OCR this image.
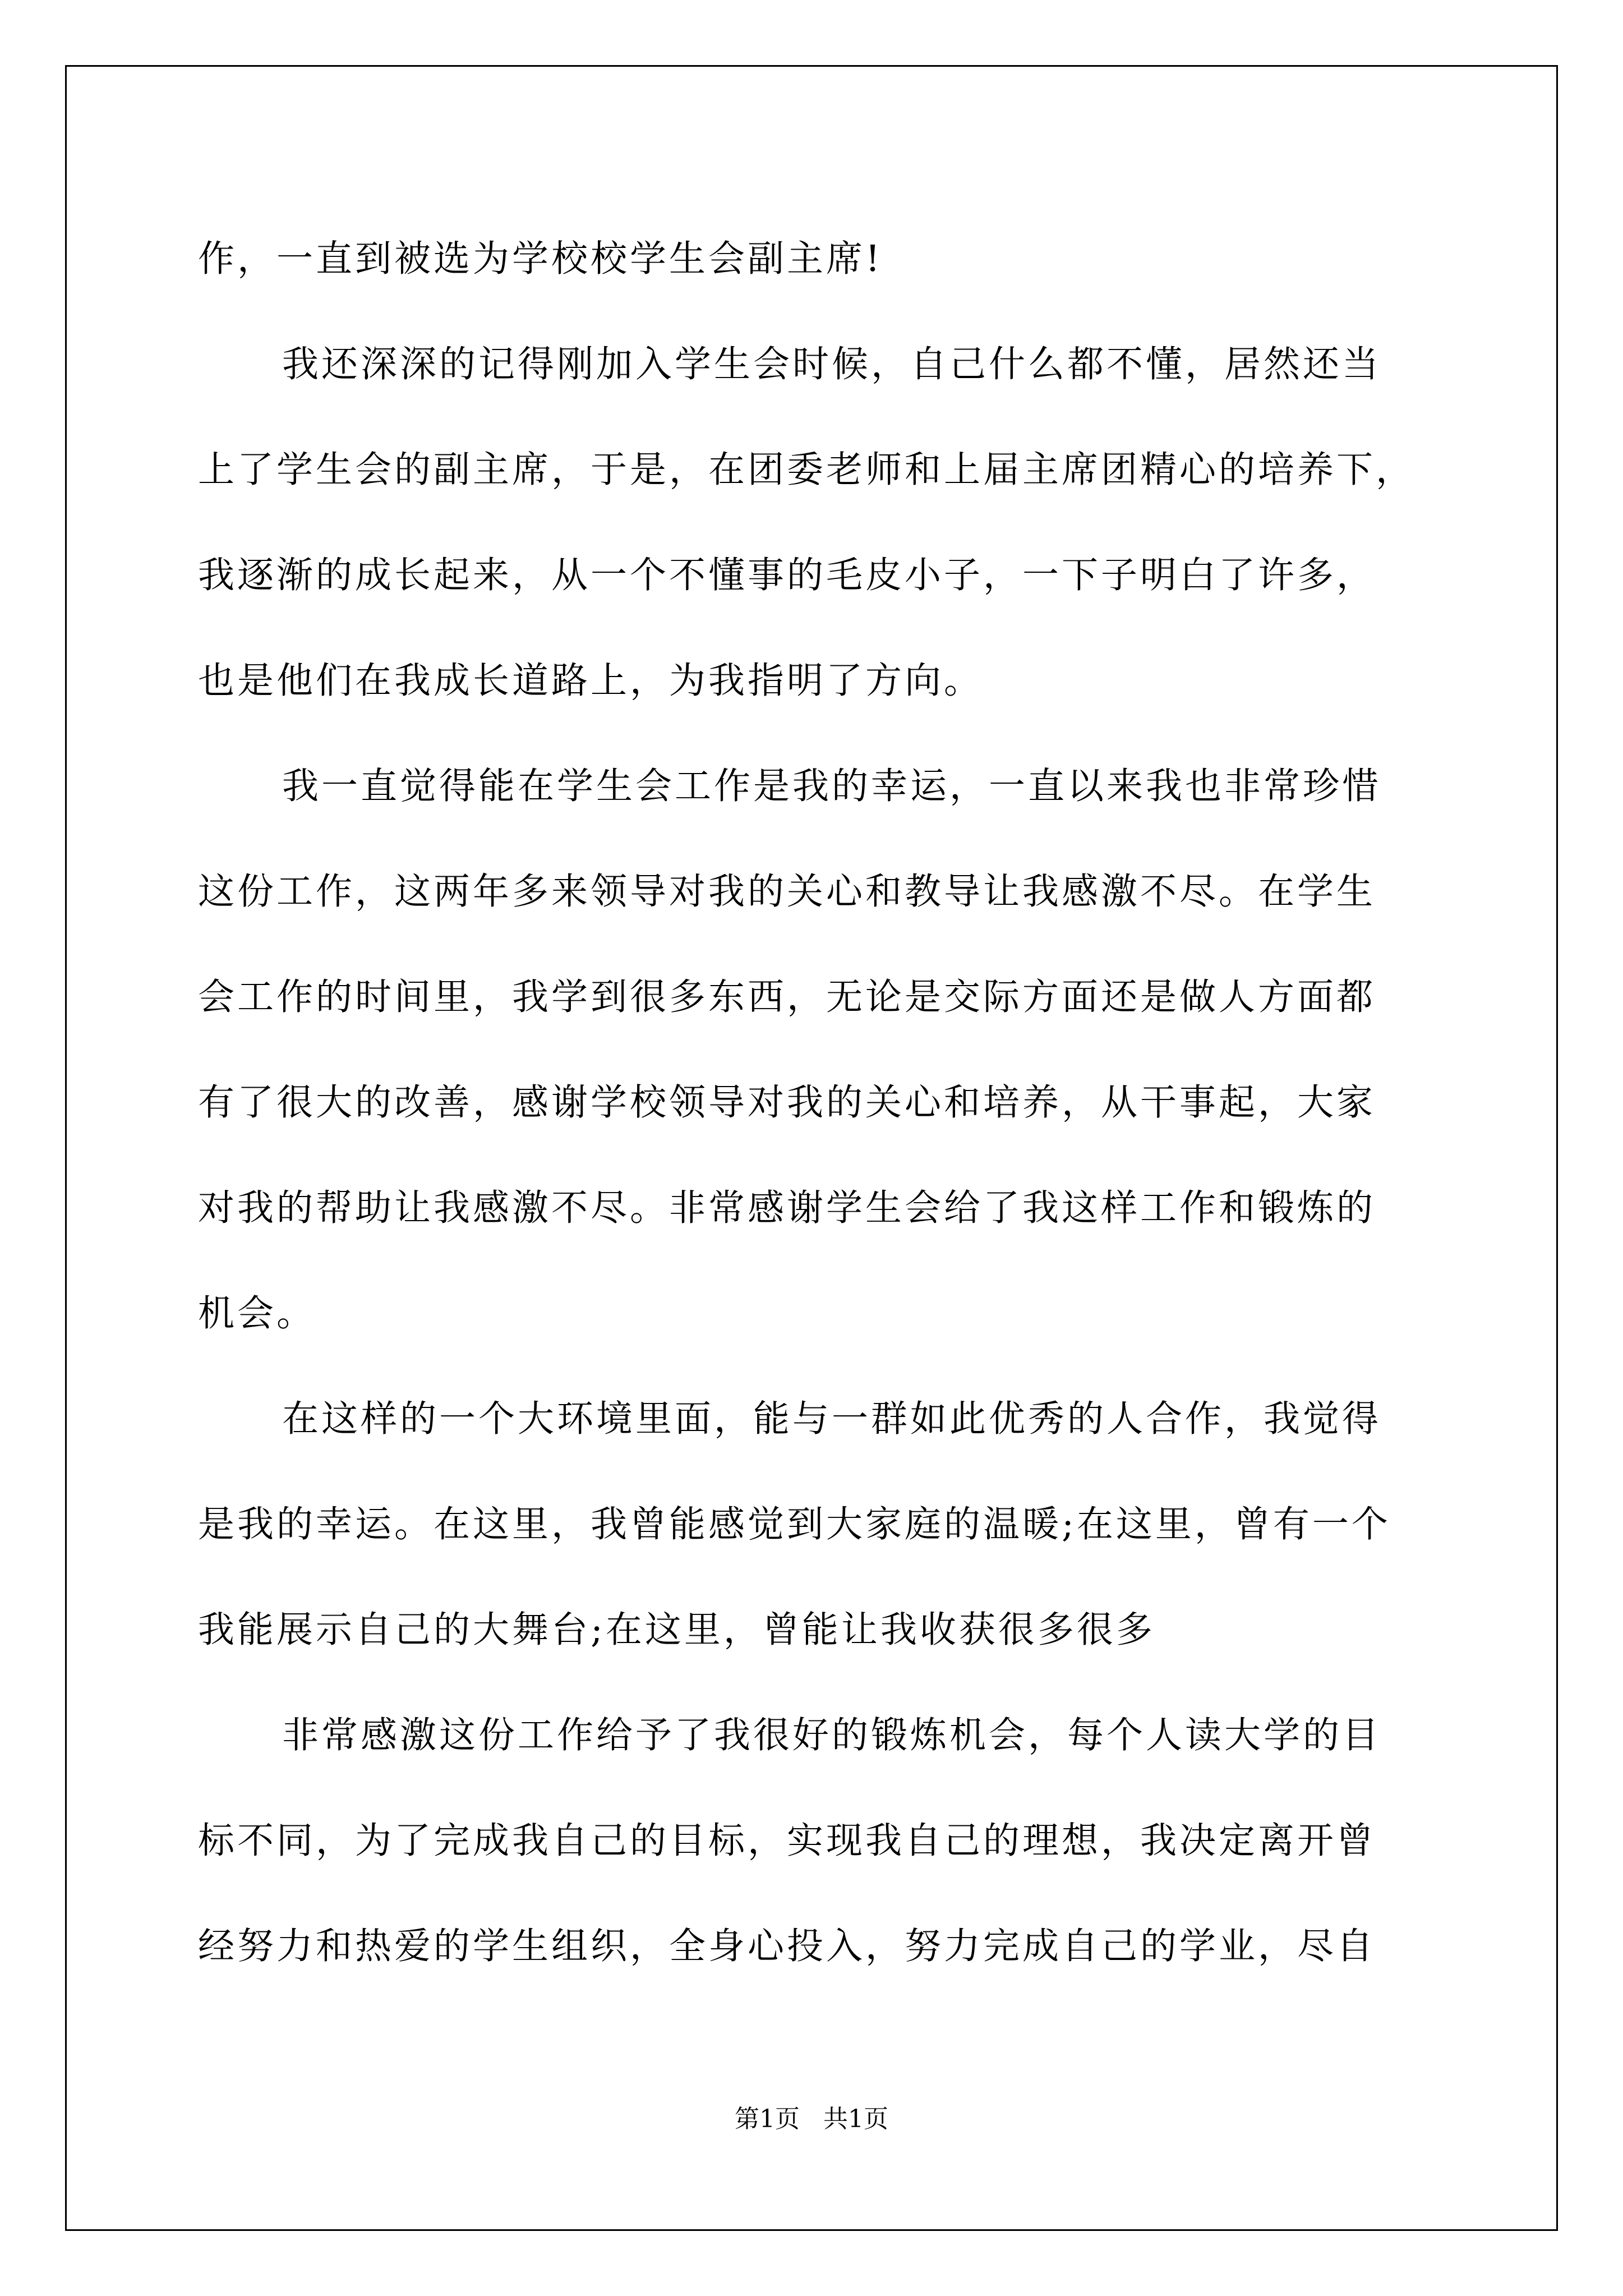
作，一直到被选为学校校学生会副主席!
我还深深的记得刚加入学生会时候，自己什么都不懂，居然还当
上了学生会的副主席，于是，在团委老师和上届主席团精心的培养下，
我逐渐的成长起来，从一个不懂事的毛皮小子，一下子明白了许多，
也是他们在我成长道路上，为我指明了方向。
我一直觉得能在学生会工作是我的幸运，一直以来我也非常珍惜
这份工作，这两年多来领导对我的关心和教导让我感激不尽。在学生
会工作的时间里，我学到很多东西，无论是交际方面还是做人方面都
有了很大的改善，感谢学校领导对我的关心和培养，从干事起，大家
对我的帮助让我感激不尽。非常感谢学生会给了我这样工作和锻炼的
机会。
在这样的一个大环境里面，能与一群如此优秀的人合作，我觉得
是我的幸运。在这里，我曾能感觉到大家庭的温暖;在这里，曾有一个
我能展示自己的大舞台;在这里，曾能让我收获很多很多
非常感激这份工作给予了我很好的锻炼机会，每个人读大学的目
标不同，为了完成我自己的目标，实现我自己的理想，我决定离开曾
经努力和热爱的学生组织，全身心投入，努力完成自己的学业，尽自
第1页   共1页
